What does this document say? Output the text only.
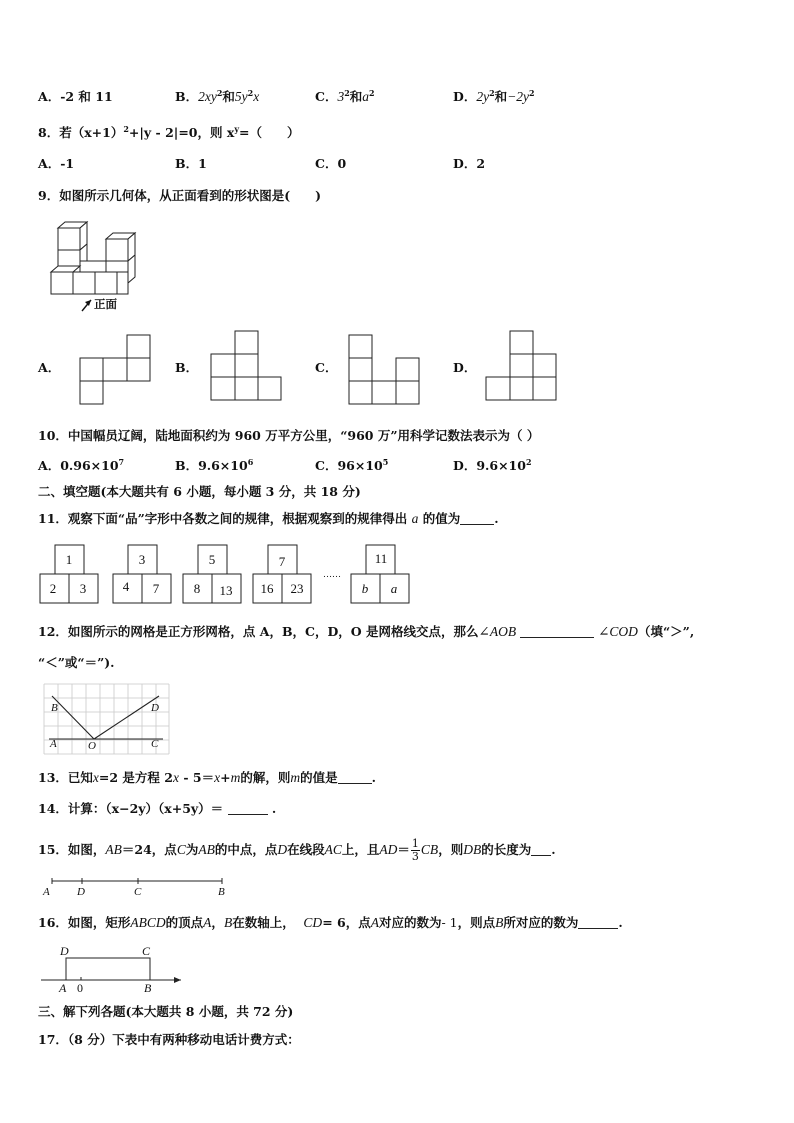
A．-2 和 11	B．$2xy^2$和$5y^2x$	C．$3^2$和$a^2$	D．$2y^2$和$-2y^2$
8．若$(x+1)^2+|y - 2|=0$，则 $x^y=$（　　）
A．-1	B．1	C．0	D．2
9．如图所示几何体，从正面看到的形状图是(　　)
正面
A．	B．	C．	D．
10．中国幅员辽阔，陆地面积约为 960 万平方公里，“960 万”用科学记数法表示为（ ）
A．$0.96\times 10^7$	B．$9.6\times 10^6$	C．$96\times 10^5$	D．$9.6\times 10^2$
二、填空题(本大题共有 6 小题，每小题 3 分，共 18 分)
11．观察下面“品”字形中各数之间的规律，根据观察到的规律得出 a 的值为	.
1
2 3
3
4 7
5
8 13
7
16 23
……
11
b a
12．如图所示的网格是正方形网格，点 A，B，C，D，O 是网格线交点，那么∠AOB	∠COD（填“＞”,
“＜”或“＝”).
B	D
A	O	C
13．已知x=2 是方程 2x - 5＝x+m的解，则m的值是	.
14．计算：（x−2y）（x+5y）＝	.
15．如图，AB＝24，点C为AB的中点，点D在线段AC上，且$AD= \frac{1}{3}$ CB，则DB的长度为 .
A D	C	B
16．如图，矩形ABCD的顶点A，B在数轴上， CD= 6，点A对应的数为- 1，则点B所对应的数为	.
D	C
A 0	B
三、解下列各题(本大题共 8 小题，共 72 分)
17．（8 分）下表中有两种移动电话计费方式：
